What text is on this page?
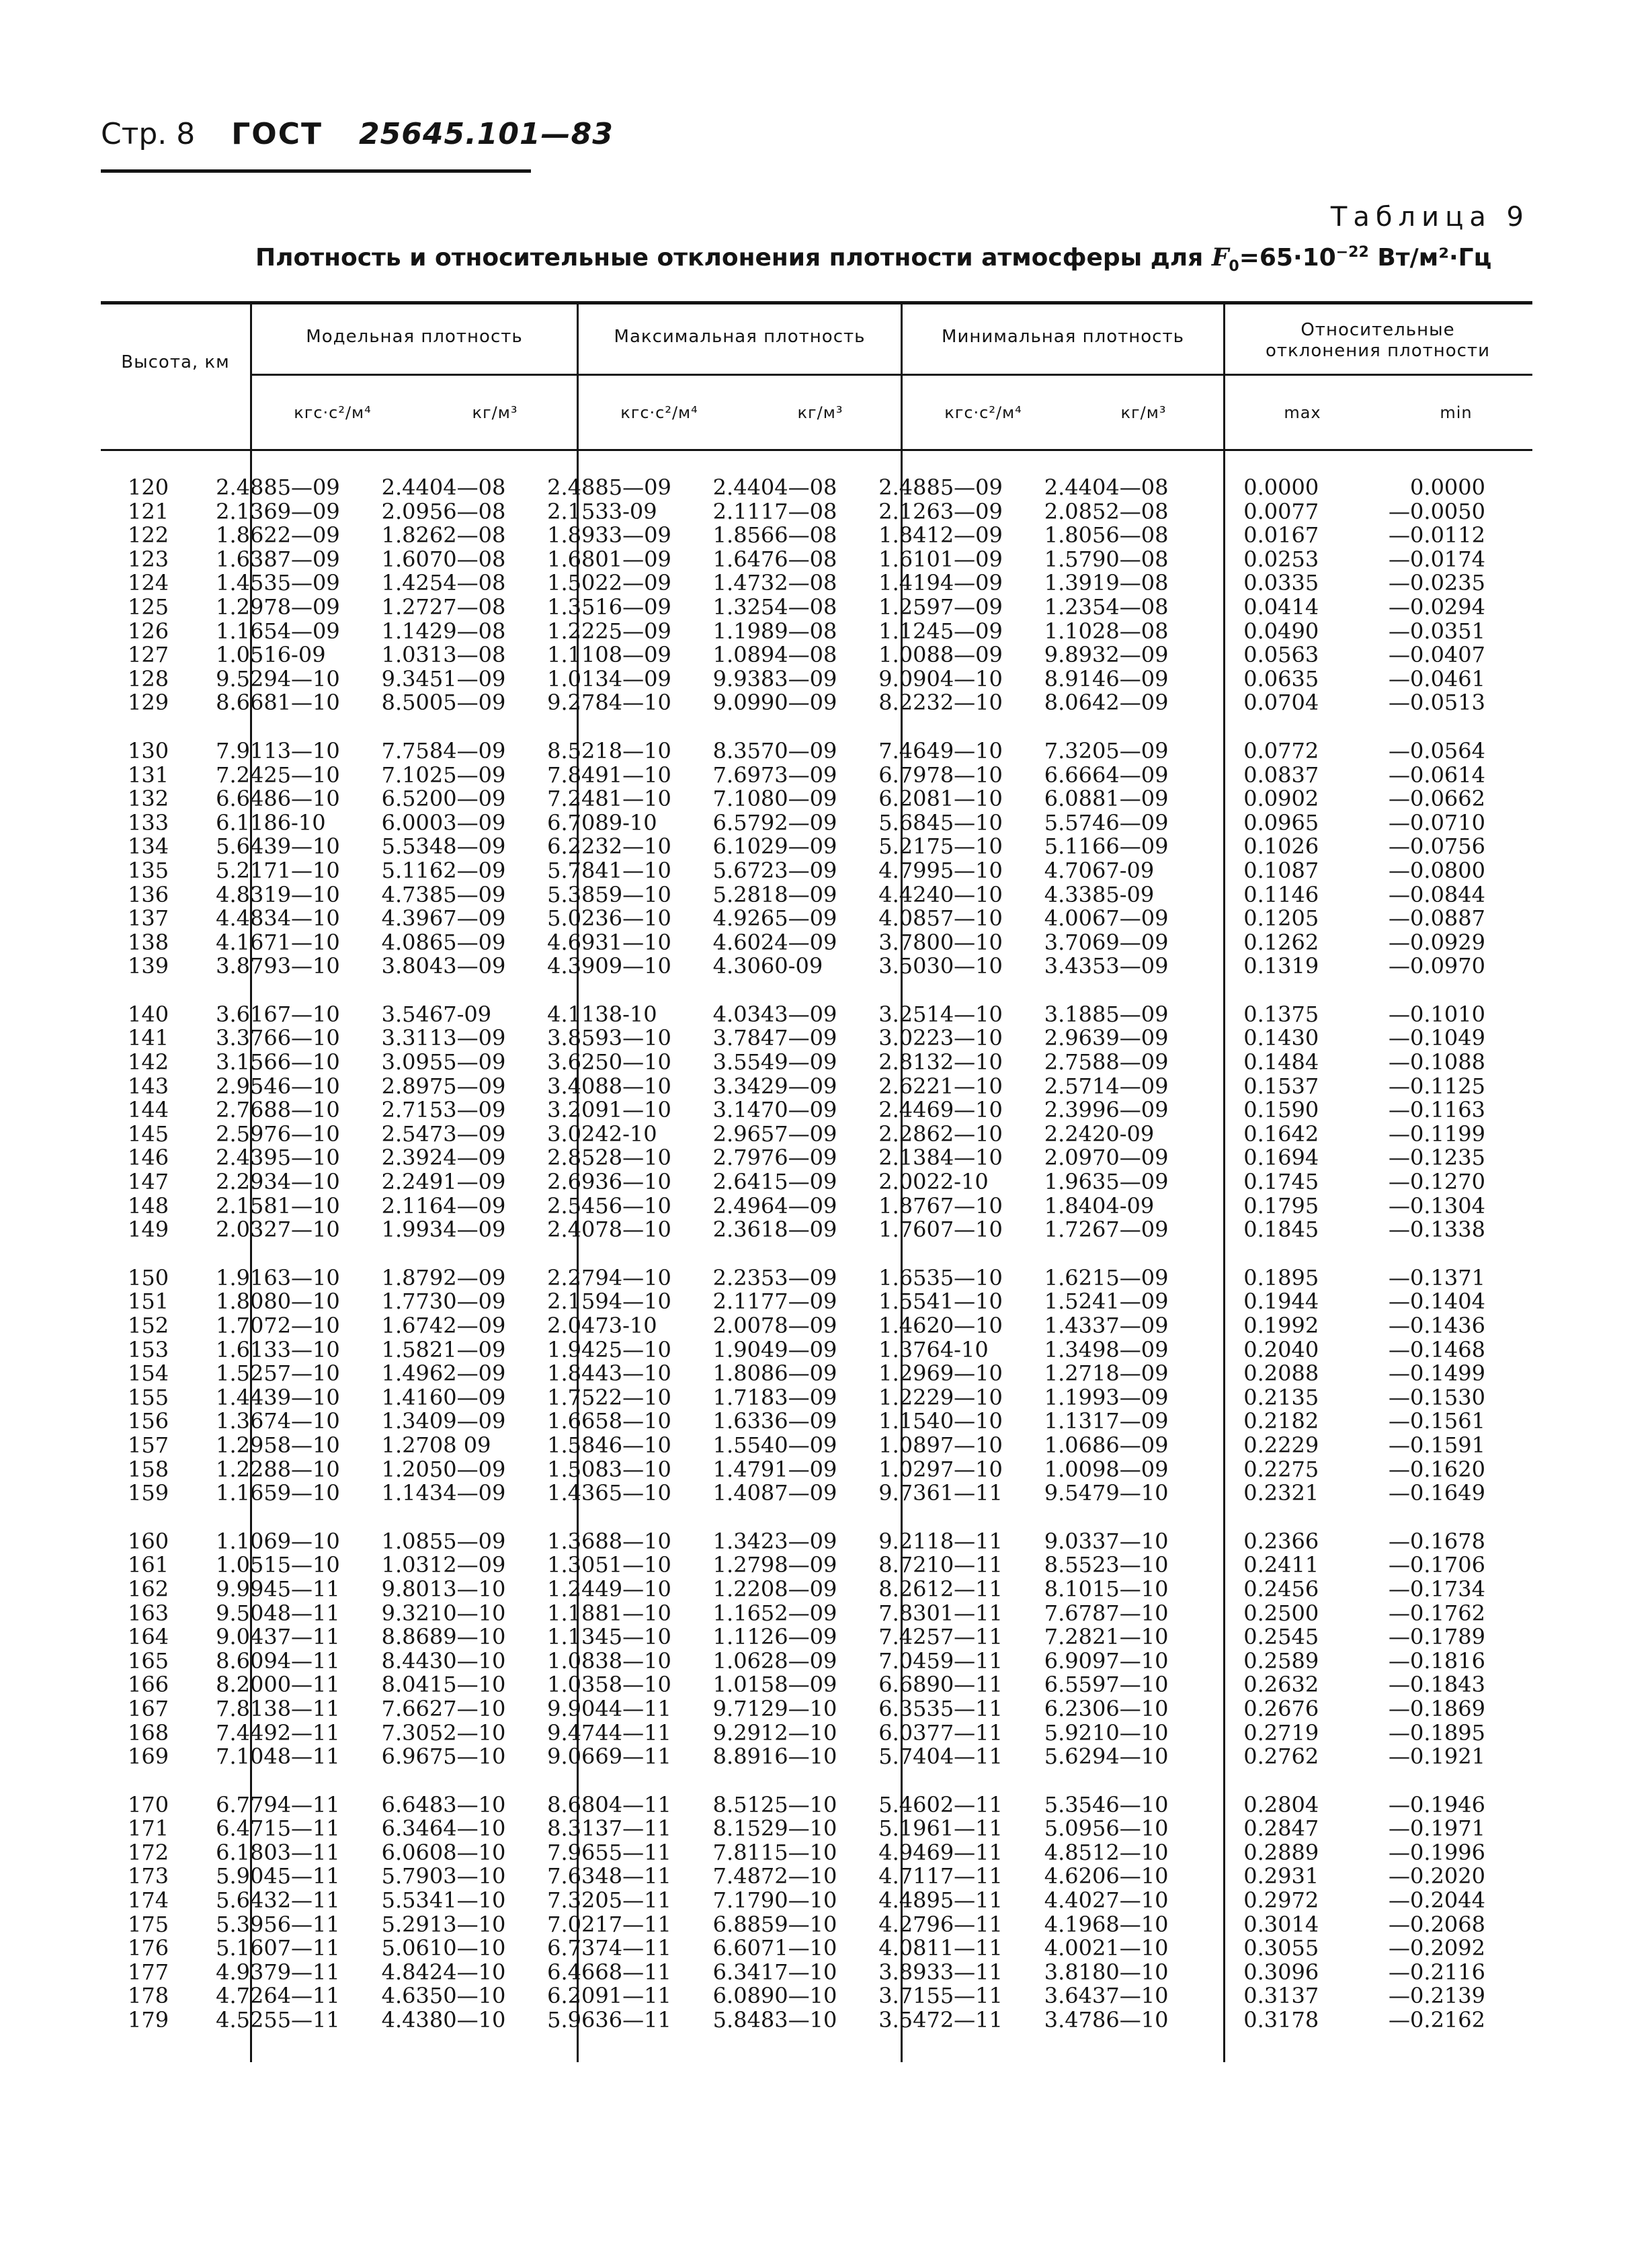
Стр. 8 ГОСТ 25645.101—83
Таблица 9
Плотность и относительные отклонения плотности атмосферы для $F_0=65\cdot 10^{-22}$ Вт/м²·Гц
Высота, км
Модельная плотность	Максимальная плотность	Минимальная плотность	Относительные отклонения плотности
кгс·с²/м⁴	кг/м³	кгс·с²/м⁴	кг/м³	кгс·с²/м⁴	кг/м³	max	min
120	2.4885—09	2.4404—08	2.4885—09	2.4404—08	2.4885—09	2.4404—08	0.0000	0.0000
121	2.1369—09	2.0956—08	2.1533-09	2.1117—08	2.1263—09	2.0852—08	0.0077	—0.0050
122	1.8622—09	1.8262—08	1.8933—09	1.8566—08	1.8412—09	1.8056—08	0.0167	—0.0112
123	1.6387—09	1.6070—08	1.6801—09	1.6476—08	1.6101—09	1.5790—08	0.0253	—0.0174
124	1.4535—09	1.4254—08	1.5022—09	1.4732—08	1.4194—09	1.3919—08	0.0335	—0.0235
125	1.2978—09	1.2727—08	1.3516—09	1.3254—08	1.2597—09	1.2354—08	0.0414	—0.0294
126	1.1654—09	1.1429—08	1.2225—09	1.1989—08	1.1245—09	1.1028—08	0.0490	—0.0351
127	1.0516-09	1.0313—08	1.1108—09	1.0894—08	1.0088—09	9.8932—09	0.0563	—0.0407
128	9.5294—10	9.3451—09	1.0134—09	9.9383—09	9.0904—10	8.9146—09	0.0635	—0.0461
129	8.6681—10	8.5005—09	9.2784—10	9.0990—09	8.2232—10	8.0642—09	0.0704	—0.0513

130	7.9113—10	7.7584—09	8.5218—10	8.3570—09	7.4649—10	7.3205—09	0.0772	—0.0564
131	7.2425—10	7.1025—09	7.8491—10	7.6973—09	6.7978—10	6.6664—09	0.0837	—0.0614
132	6.6486—10	6.5200—09	7.2481—10	7.1080—09	6.2081—10	6.0881—09	0.0902	—0.0662
133	6.1186-10	6.0003—09	6.7089-10	6.5792—09	5.6845—10	5.5746—09	0.0965	—0.0710
134	5.6439—10	5.5348—09	6.2232—10	6.1029—09	5.2175—10	5.1166—09	0.1026	—0.0756
135	5.2171—10	5.1162—09	5.7841—10	5.6723—09	4.7995—10	4.7067-09	0.1087	—0.0800
136	4.8319—10	4.7385—09	5.3859—10	5.2818—09	4.4240—10	4.3385-09	0.1146	—0.0844
137	4.4834—10	4.3967—09	5.0236—10	4.9265—09	4.0857—10	4.0067—09	0.1205	—0.0887
138	4.1671—10	4.0865—09	4.6931—10	4.6024—09	3.7800—10	3.7069—09	0.1262	—0.0929
139	3.8793—10	3.8043—09	4.3909—10	4.3060-09	3.5030—10	3.4353—09	0.1319	—0.0970

140	3.6167—10	3.5467-09	4.1138-10	4.0343—09	3.2514—10	3.1885—09	0.1375	—0.1010
141	3.3766—10	3.3113—09	3.8593—10	3.7847—09	3.0223—10	2.9639—09	0.1430	—0.1049
142	3.1566—10	3.0955—09	3.6250—10	3.5549—09	2.8132—10	2.7588—09	0.1484	—0.1088
143	2.9546—10	2.8975—09	3.4088—10	3.3429—09	2.6221—10	2.5714—09	0.1537	—0.1125
144	2.7688—10	2.7153—09	3.2091—10	3.1470—09	2.4469—10	2.3996—09	0.1590	—0.1163
145	2.5976—10	2.5473—09	3.0242-10	2.9657—09	2.2862—10	2.2420-09	0.1642	—0.1199
146	2.4395—10	2.3924—09	2.8528—10	2.7976—09	2.1384—10	2.0970—09	0.1694	—0.1235
147	2.2934—10	2.2491—09	2.6936—10	2.6415—09	2.0022-10	1.9635—09	0.1745	—0.1270
148	2.1581—10	2.1164—09	2.5456—10	2.4964—09	1.8767—10	1.8404-09	0.1795	—0.1304
149	2.0327—10	1.9934—09	2.4078—10	2.3618—09	1.7607—10	1.7267—09	0.1845	—0.1338

150	1.9163—10	1.8792—09	2.2794—10	2.2353—09	1.6535—10	1.6215—09	0.1895	—0.1371
151	1.8080—10	1.7730—09	2.1594—10	2.1177—09	1.5541—10	1.5241—09	0.1944	—0.1404
152	1.7072—10	1.6742—09	2.0473-10	2.0078—09	1.4620—10	1.4337—09	0.1992	—0.1436
153	1.6133—10	1.5821—09	1.9425—10	1.9049—09	1.3764-10	1.3498—09	0.2040	—0.1468
154	1.5257—10	1.4962—09	1.8443—10	1.8086—09	1.2969—10	1.2718—09	0.2088	—0.1499
155	1.4439—10	1.4160—09	1.7522—10	1.7183—09	1.2229—10	1.1993—09	0.2135	—0.1530
156	1.3674—10	1.3409—09	1.6658—10	1.6336—09	1.1540—10	1.1317—09	0.2182	—0.1561
157	1.2958—10	1.2708 09	1.5846—10	1.5540—09	1.0897—10	1.0686—09	0.2229	—0.1591
158	1.2288—10	1.2050—09	1.5083—10	1.4791—09	1.0297—10	1.0098—09	0.2275	—0.1620
159	1.1659—10	1.1434—09	1.4365—10	1.4087—09	9.7361—11	9.5479—10	0.2321	—0.1649

160	1.1069—10	1.0855—09	1.3688—10	1.3423—09	9.2118—11	9.0337—10	0.2366	—0.1678
161	1.0515—10	1.0312—09	1.3051—10	1.2798—09	8.7210—11	8.5523—10	0.2411	—0.1706
162	9.9945—11	9.8013—10	1.2449—10	1.2208—09	8.2612—11	8.1015—10	0.2456	—0.1734
163	9.5048—11	9.3210—10	1.1881—10	1.1652—09	7.8301—11	7.6787—10	0.2500	—0.1762
164	9.0437—11	8.8689—10	1.1345—10	1.1126—09	7.4257—11	7.2821—10	0.2545	—0.1789
165	8.6094—11	8.4430—10	1.0838—10	1.0628—09	7.0459—11	6.9097—10	0.2589	—0.1816
166	8.2000—11	8.0415—10	1.0358—10	1.0158—09	6.6890—11	6.5597—10	0.2632	—0.1843
167	7.8138—11	7.6627—10	9.9044—11	9.7129—10	6.3535—11	6.2306—10	0.2676	—0.1869
168	7.4492—11	7.3052—10	9.4744—11	9.2912—10	6.0377—11	5.9210—10	0.2719	—0.1895
169	7.1048—11	6.9675—10	9.0669—11	8.8916—10	5.7404—11	5.6294—10	0.2762	—0.1921

170	6.7794—11	6.6483—10	8.6804—11	8.5125—10	5.4602—11	5.3546—10	0.2804	—0.1946
171	6.4715—11	6.3464—10	8.3137—11	8.1529—10	5.1961—11	5.0956—10	0.2847	—0.1971
172	6.1803—11	6.0608—10	7.9655—11	7.8115—10	4.9469—11	4.8512—10	0.2889	—0.1996
173	5.9045—11	5.7903—10	7.6348—11	7.4872—10	4.7117—11	4.6206—10	0.2931	—0.2020
174	5.6432—11	5.5341—10	7.3205—11	7.1790—10	4.4895—11	4.4027—10	0.2972	—0.2044
175	5.3956—11	5.2913—10	7.0217—11	6.8859—10	4.2796—11	4.1968—10	0.3014	—0.2068
176	5.1607—11	5.0610—10	6.7374—11	6.6071—10	4.0811—11	4.0021—10	0.3055	—0.2092
177	4.9379—11	4.8424—10	6.4668—11	6.3417—10	3.8933—11	3.8180—10	0.3096	—0.2116
178	4.7264—11	4.6350—10	6.2091—11	6.0890—10	3.7155—11	3.6437—10	0.3137	—0.2139
179	4.5255—11	4.4380—10	5.9636—11	5.8483—10	3.5472—11	3.4786—10	0.3178	—0.2162
